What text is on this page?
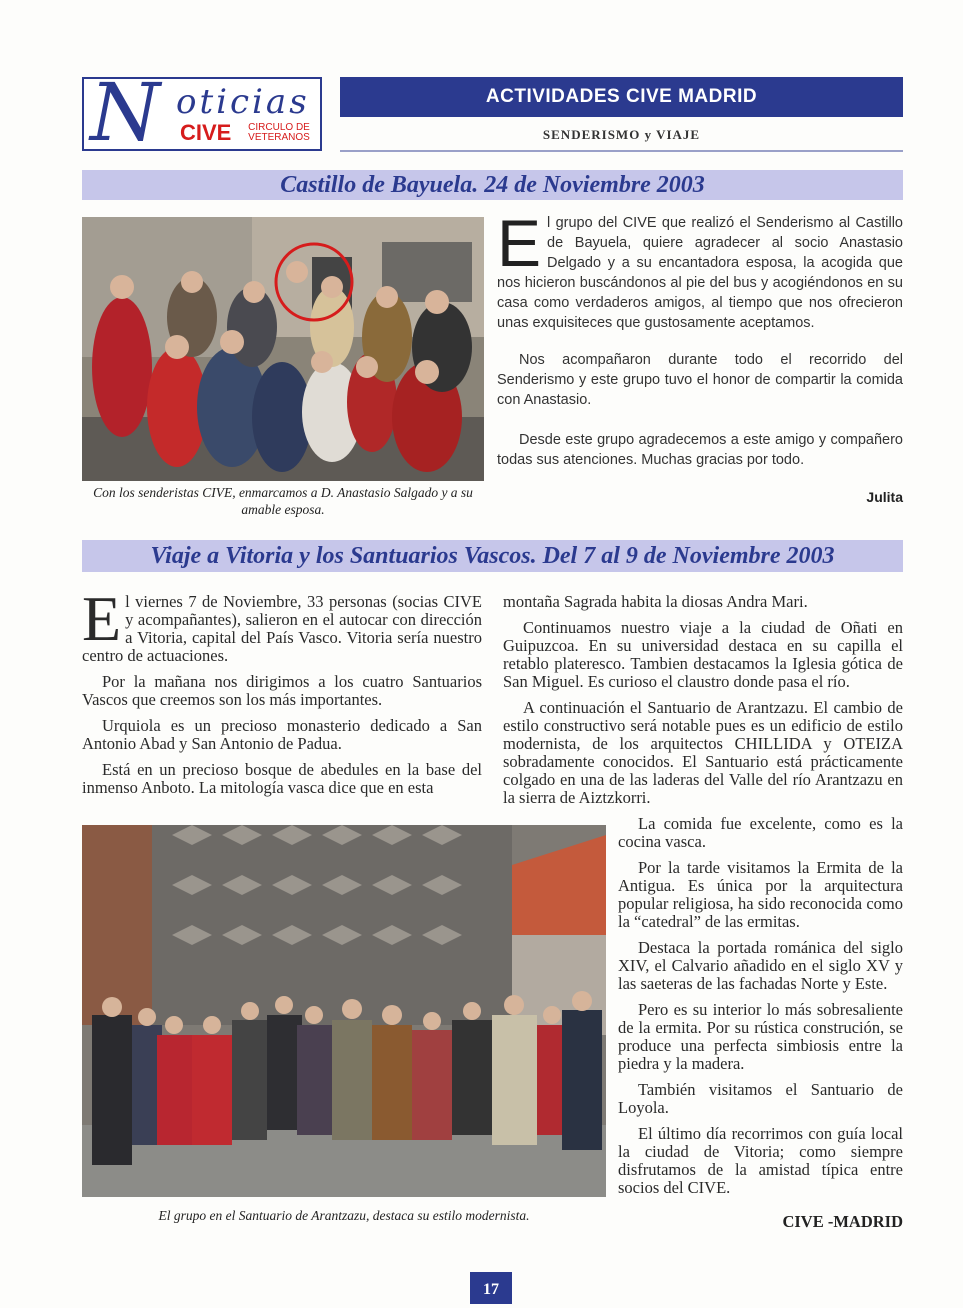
N oticias
CIVE	CIRCULO DE
VETERANOS
ACTIVIDADES CIVE MADRID
SENDERISMO y VIAJE
Castillo de Bayuela. 24 de Noviembre 2003
Con los senderistas CIVE, enmarcamos a D. Anastasio Salgado y a su amable esposa.
El grupo del CIVE que realizó el Senderismo al Castillo de Bayuela, quiere agradecer al socio Anastasio Delgado y a su encantadora esposa, la acogida que nos hicieron buscándonos al pie del bus y acogiéndonos en su casa como verdaderos amigos, al tiempo que nos ofrecieron unas exquisiteces que gustosamente aceptamos.
Nos acompañaron durante todo el recorrido del Senderismo y este grupo tuvo el honor de compartir la comida con Anastasio.
Desde este grupo agradecemos a este amigo y compañero todas sus atenciones. Muchas gracias por todo.
Julita
Viaje a Vitoria y los Santuarios Vascos. Del 7 al 9 de Noviembre 2003

El viernes 7 de Noviembre, 33 personas (socias CIVE y acompañantes), salieron en el autocar con dirección a Vitoria, capital del País Vasco. Vitoria sería nuestro centro de actuaciones.

Por la mañana nos dirigimos a los cuatro Santuarios Vascos que creemos son los más importantes.

Urquiola es un precioso monasterio dedicado a San Antonio Abad y San Antonio de Padua.

Está en un precioso bosque de abedules en la base del inmenso Anboto. La mitología vasca dice que en esta

montaña Sagrada habita la diosas Andra Mari.

Continuamos nuestro viaje a la ciudad de Oñati en Guipuzcoa. En su universidad destaca en su capilla el retablo plateresco. Tambien destacamos la Iglesia gótica de San Miguel. Es curioso el claustro donde pasa el río.

A continuación el Santuario de Arantzazu. El cambio de estilo constructivo será notable pues es un edificio de estilo modernista, de los arquitectos CHILLIDA y OTEIZA sobradamente conocidos. El Santuario está prácticamente colgado en una de las laderas del Valle del río Arantzazu en la sierra de Aiztzkorri.

El grupo en el Santuario de Arantzazu, destaca su estilo modernista.

La comida fue excelente, como es la cocina vasca.

Por la tarde visitamos la Ermita de la Antigua. Es única por la arquitectura popular religiosa, ha sido reconocida como la “catedral” de las ermitas.

Destaca la portada románica del siglo XIV, el Calvario añadido en el siglo XV y las saeteras de las fachadas Norte y Este.

Pero es su interior lo más sobresaliente de la ermita. Por su rústica construción, se produce una perfecta simbiosis entre la piedra y la madera.

También visitamos el Santuario de Loyola.

El último día recorrimos con guía local la ciudad de Vitoria; como siempre disfrutamos de la amistad típica entre socios del CIVE.

CIVE -MADRID
17
